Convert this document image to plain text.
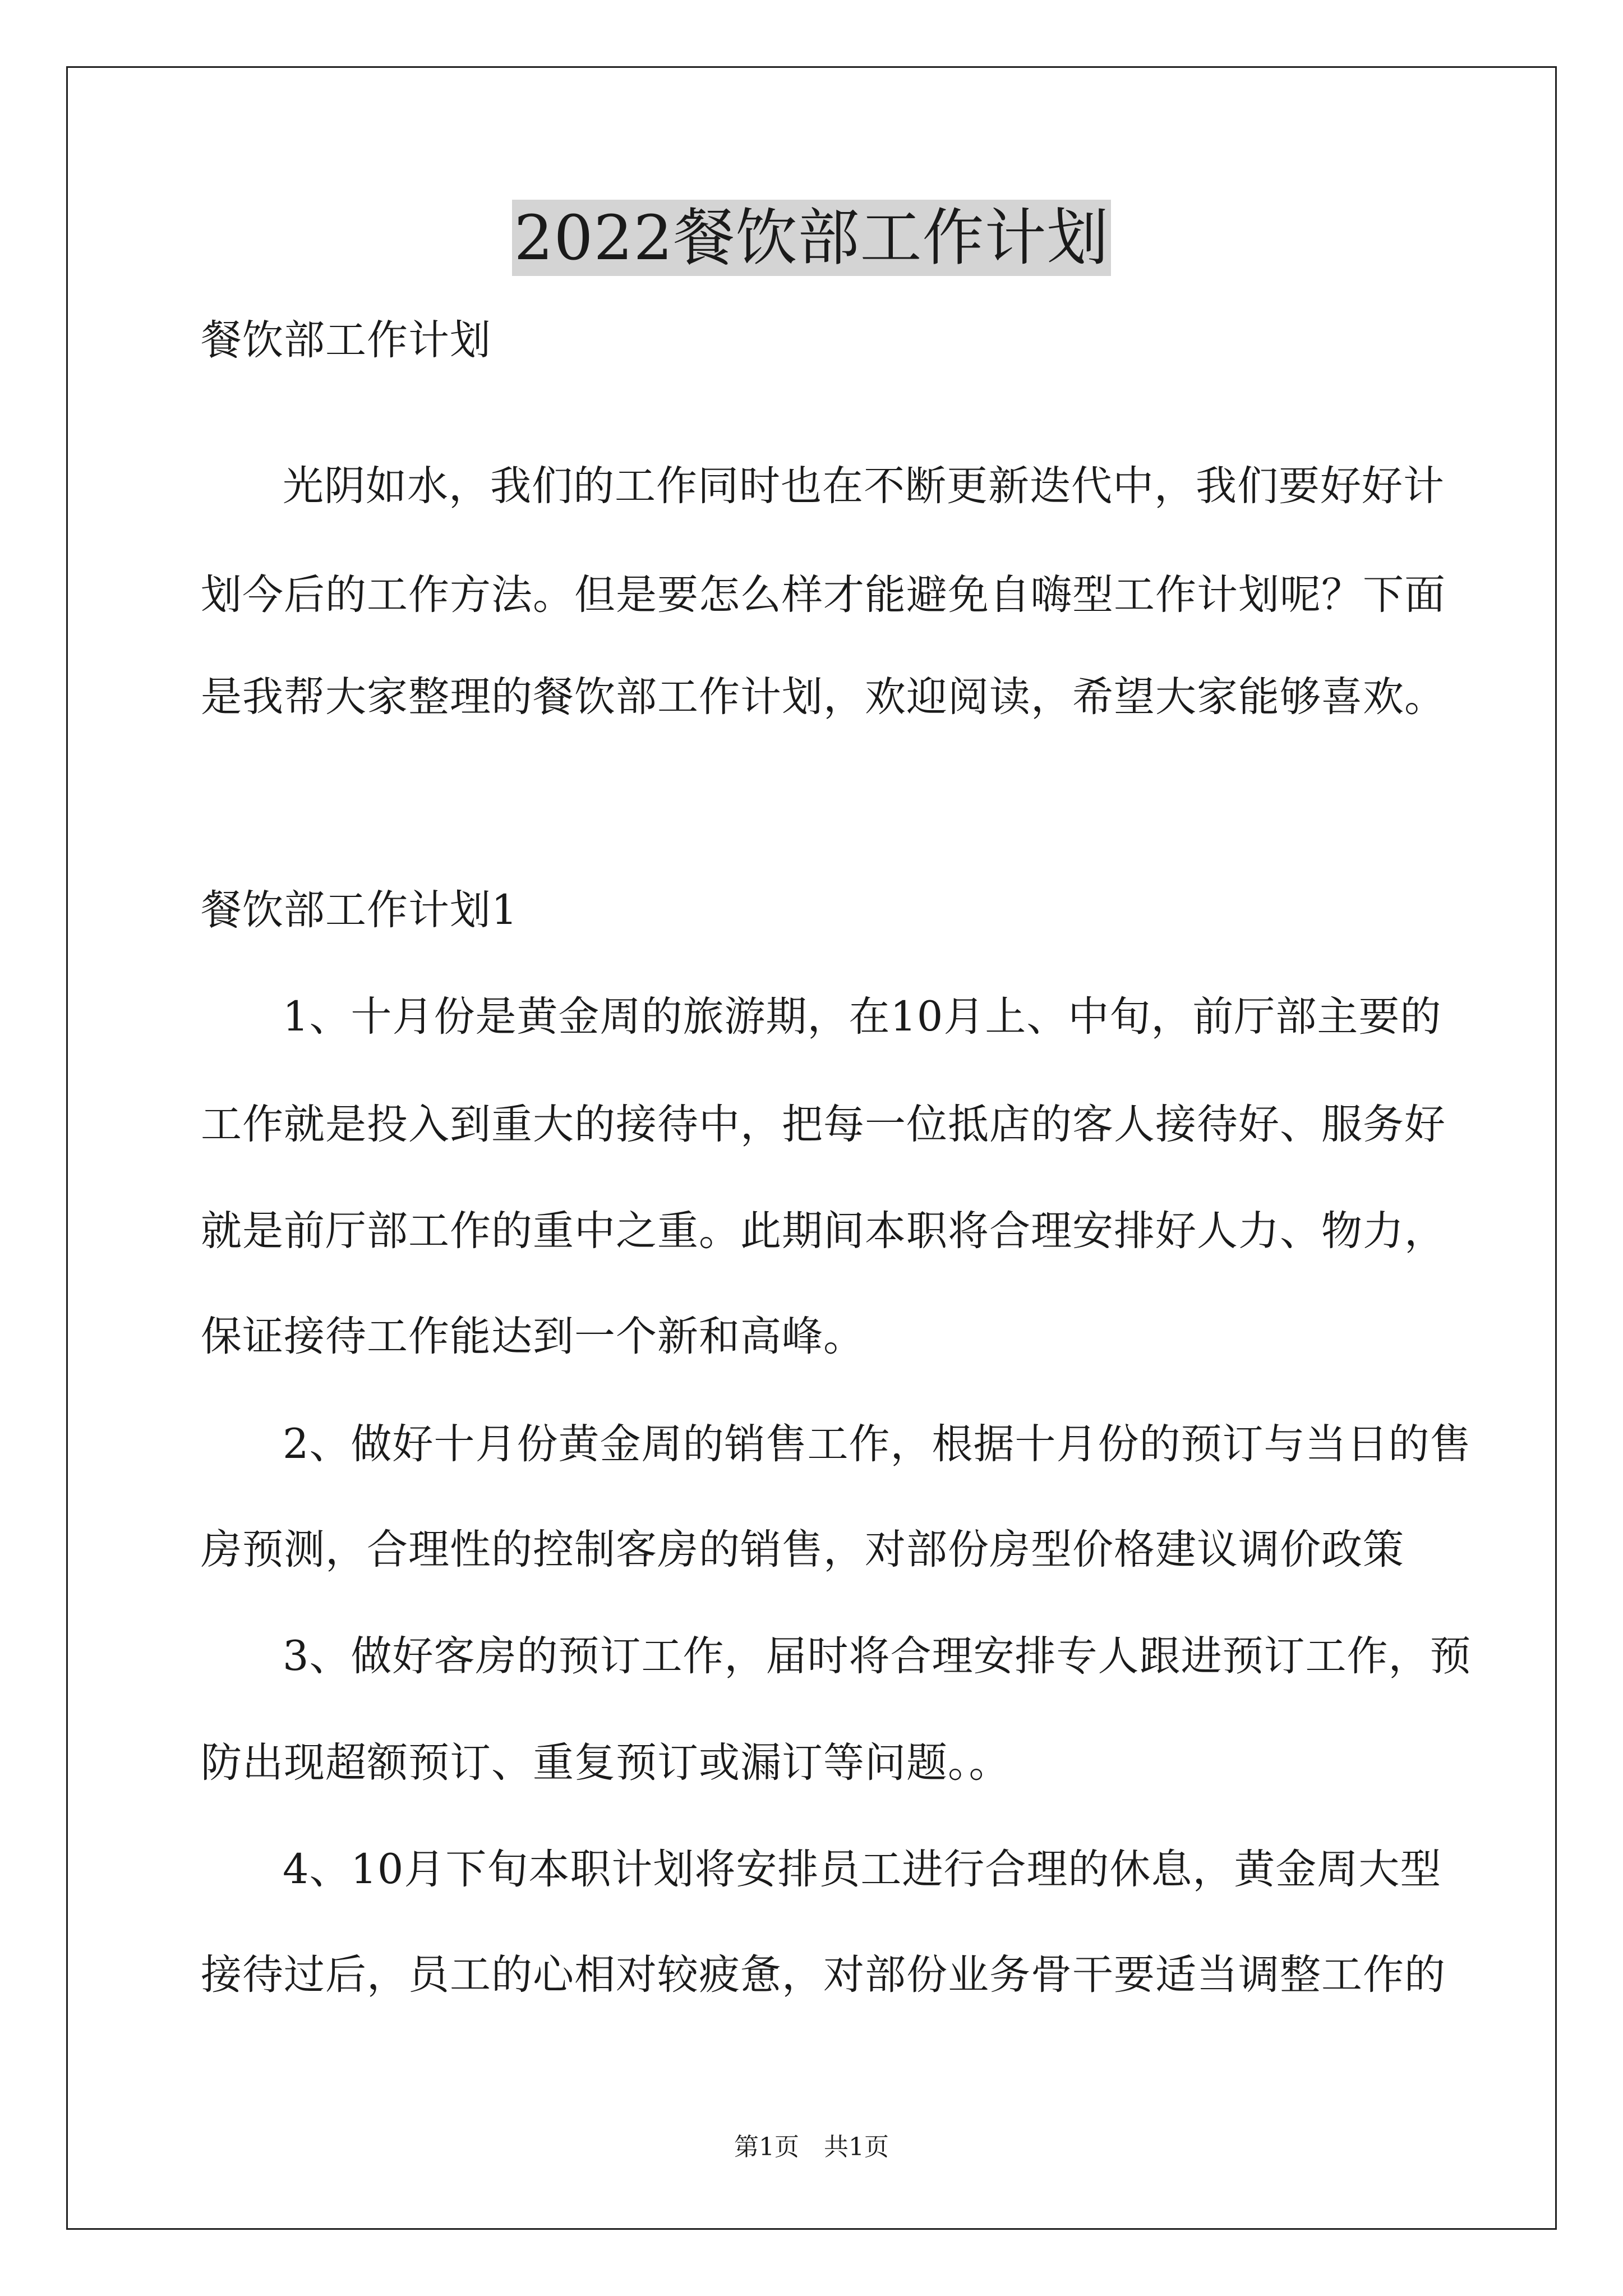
2022餐饮部工作计划
餐饮部工作计划
光阴如水，我们的工作同时也在不断更新迭代中，我们要好好计
划今后的工作方法。但是要怎么样才能避免自嗨型工作计划呢？下面
是我帮大家整理的餐饮部工作计划，欢迎阅读，希望大家能够喜欢。
餐饮部工作计划1
1、十月份是黄金周的旅游期，在10月上、中旬，前厅部主要的
工作就是投入到重大的接待中，把每一位抵店的客人接待好、服务好
就是前厅部工作的重中之重。此期间本职将合理安排好人力、物力，
保证接待工作能达到一个新和高峰。
2、做好十月份黄金周的销售工作，根据十月份的预订与当日的售
房预测，合理性的控制客房的销售，对部份房型价格建议调价政策
3、做好客房的预订工作，届时将合理安排专人跟进预订工作，预
防出现超额预订、重复预订或漏订等问题。。
4、10月下旬本职计划将安排员工进行合理的休息，黄金周大型
接待过后，员工的心相对较疲惫，对部份业务骨干要适当调整工作的
第1页　共1页
